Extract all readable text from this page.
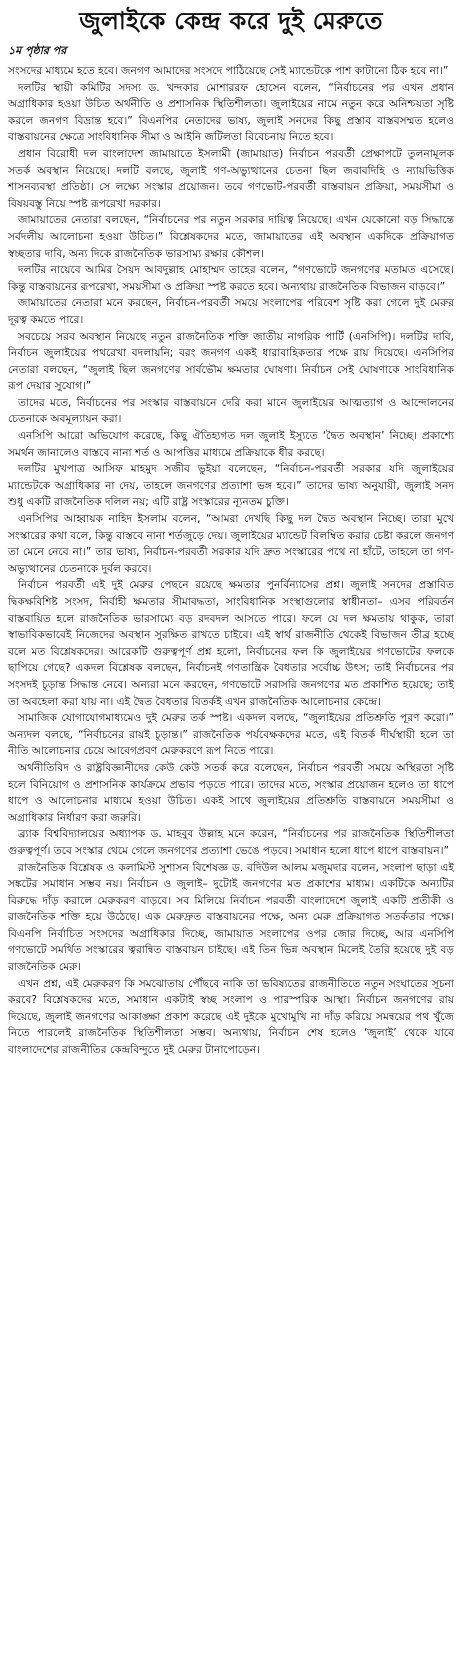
জুলাইকে কেন্দ্র করে দুই মেরুতে
১ম পৃষ্ঠার পর

সংসদের মাধ্যমে হতে হবে। জনগণ আমাদের সংসদে পাঠিয়েছে সেই ম্যান্ডেটকে পাশ কাটানো ঠিক হবে না।”

দলটির স্থায়ী কমিটির সদস্য ড. খন্দকার মোশাররফ হোসেন বলেন, “নির্বাচনের পর এখন প্রধান অগ্রাধিকার হওয়া উচিত অর্থনীতি ও প্রশাসনিক স্থিতিশীলতা। জুলাইয়ের নামে নতুন করে অনিশ্চয়তা সৃষ্টি করলে জনগণ বিভ্রান্ত হবে।” বিএনপির নেতাদের ভাষ্য, জুলাই সনদের কিছু প্রস্তাব বাস্তবসম্মত হলেও বাস্তবায়নের ক্ষেত্রে সাংবিধানিক সীমা ও আইনি জটিলতা বিবেচনায় নিতে হবে।

প্রধান বিরোধী দল বাংলাদেশ জামায়াতে ইসলামী (জামায়াত) নির্বাচন পরবর্তী প্রেক্ষাপটে তুলনামূলক সতর্ক অবস্থান নিয়েছে। দলটি বলছে, জুলাই গণ-অভ্যুত্থানের চেতনা ছিল জবাবদিহি ও ন্যায়ভিত্তিক শাসনব্যবস্থা প্রতিষ্ঠা। সে লক্ষ্যে সংস্কার প্রয়োজন। তবে গণভোট-পরবর্তী বাস্তবায়ন প্রক্রিয়া, সময়সীমা ও বিষয়বস্তু নিয়ে স্পষ্ট রূপরেখা দরকার।

জামায়াতের নেতারা বলছেন, “নির্বাচনের পর নতুন সরকার দায়িত্ব নিয়েছে। এখন যেকোনো বড় সিদ্ধান্তে সর্বদলীয় আলোচনা হওয়া উচিত।” বিশ্লেষকদের মতে, জামায়াতের এই অবস্থান একদিকে প্রক্রিয়াগত স্বচ্ছতার দাবি, অন্য দিকে রাজনৈতিক ভারসাম্য রক্ষার কৌশল।

দলটির নায়েবে আমির সৈয়দ আবদুল্লাহ মোহাম্মদ তাহের বলেন, “গণভোটে জনগণের মতামত এসেছে। কিন্তু বাস্তবায়নের রূপরেখা, সময়সীমা ও প্রক্রিয়া স্পষ্ট করতে হবে। অন্যথায় রাজনৈতিক বিভাজন বাড়বে।”

জামায়াতের নেতারা মনে করছেন, নির্বাচন-পরবর্তী সময়ে সংলাপের পরিবেশ সৃষ্টি করা গেলে দুই মেরুর দূরত্ব কমতে পারে।

সবচেয়ে সরব অবস্থান নিয়েছে নতুন রাজনৈতিক শক্তি জাতীয় নাগরিক পার্টি (এনসিপি)। দলটির দাবি, নির্বাচন জুলাইয়ের পথরেখা বদলায়নি; বরং জনগণ একই ধারাবাহিকতার পক্ষে রায় দিয়েছে। এনসিপির নেতারা বলছেন, “জুলাই ছিল জনগণের সার্বভৌম ক্ষমতার ঘোষণা। নির্বাচন সেই ঘোষণাকে সাংবিধানিক রূপ দেয়ার সুযোগ।”

তাদের মতে, নির্বাচনের পর সংস্কার বাস্তবায়নে দেরি করা মানে জুলাইয়ের আত্মত্যাগ ও আন্দোলনের চেতনাকে অবমূল্যায়ন করা।

এনসিপি আরো অভিযোগ করেছে, কিছু ঐতিহ্যগত দল জুলাই ইস্যুতে ‘দ্বৈত অবস্থান’ নিচ্ছে। প্রকাশ্যে সমর্থন জানালেও বাস্তবে নানা শর্ত ও আপত্তির মাধ্যমে প্রক্রিয়াকে ধীর করছে।

দলটির মুখপাত্র আসিফ মাহমুদ সজীব ভুইয়া বলেছেন, “নির্বাচন-পরবর্তী সরকার যদি জুলাইয়ের ম্যান্ডেটকে অগ্রাধিকার না দেয়, তাহলে জনগণের প্রত্যাশা ভঙ্গ হবে।” তাদের ভাষ্য অনুযায়ী, জুলাই সনদ শুধু একটি রাজনৈতিক দলিল নয়; এটি রাষ্ট্র সংস্কারের ন্যূনতম চুক্তি।

এনসিপির আহ্বায়ক নাহিদ ইসলাম বলেন, “আমরা দেখছি কিছু দল দ্বৈত অবস্থান নিচ্ছে। তারা মুখে সংস্কারের কথা বলে, কিন্তু বাস্তবে নানা শর্তজুড়ে দেয়। জুলাইয়ের ম্যান্ডেট বিলম্বিত করার চেষ্টা করলে জনগণ তা মেনে নেবে না।” তার ভাষ্য, নির্বাচন-পরবর্তী সরকার যদি দ্রুত সংস্কারের পথে না হাঁটে, তাহলে তা গণ-অভ্যুত্থানের চেতনাকে দুর্বল করবে।

নির্বাচন পরবর্তী এই দুই মেরুর পেছনে রয়েছে ক্ষমতার পুনর্বিন্যাসের প্রশ্ন। জুলাই সনদের প্রস্তাবিত দ্বিকক্ষবিশিষ্ট সংসদ, নির্বাহী ক্ষমতার সীমাবদ্ধতা, সাংবিধানিক সংস্থাগুলোর স্বাধীনতা– এসব পরিবর্তন বাস্তবায়িত হলে রাজনৈতিক ভারসাম্যে বড় রদবদল আসতে পারে। ফলে যে দল ক্ষমতায় থাকুক, তারা স্বাভাবিকভাবেই নিজেদের অবস্থান সুরক্ষিত রাখতে চাইবে। এই স্বার্থ রাজনীতি থেকেই বিভাজন তীব্র হচ্ছে বলে মত বিশ্লেষকদের। আরেকটি গুরুত্বপূর্ণ প্রশ্ন হলো, নির্বাচনের ফল কি জুলাইয়ের গণভোটের ফলকে ছাপিয়ে গেছে? একদল বিশ্লেষক বলছেন, নির্বাচনই গণতান্ত্রিক বৈধতার সর্বোচ্চ উৎস; তাই নির্বাচনের পর সংসদই চূড়ান্ত সিদ্ধান্ত নেবে। অন্যরা মনে করছেন, গণভোটে সরাসরি জনগণের মত প্রকাশিত হয়েছে; তাই তা অবহেলা করা যায় না। এই দ্বৈত বৈধতার বিতর্কই এখন রাজনৈতিক আলোচনার কেন্দ্রে।

সামাজিক যোগাযোগমাধ্যমেও দুই মেরুর তর্ক স্পষ্ট। একদল বলছে, “জুলাইয়ের প্রতিশ্রুতি পূরণ করো।” অন্যদল বলছে, “নির্বাচনের রায়ই চূড়ান্ত।” রাজনৈতিক পর্যবেক্ষকদের মতে, এই বিতর্ক দীর্ঘস্থায়ী হলে তা নীতি আলোচনার চেয়ে আবেগপ্রবণ মেরুকরণে রূপ নিতে পারে।

অর্থনীতিবিদ ও রাষ্ট্রবিজ্ঞানীদের কেউ কেউ সতর্ক করে বলেছেন, নির্বাচন পরবর্তী সময়ে অস্থিরতা সৃষ্টি হলে বিনিয়োগ ও প্রশাসনিক কার্যক্রমে প্রভাব পড়তে পারে। তাদের মতে, সংস্কার প্রয়োজন হলেও তা ধাপে ধাপে ও আলোচনার মাধ্যমে হওয়া উচিত। একই সাথে জুলাইয়ের প্রতিশ্রুতি বাস্তবায়নে সময়সীমা ও অগ্রাধিকার নির্ধারণ করা জরুরি।

ব্র্যাক বিশ্ববিদ্যালয়ের অধ্যাপক ড. মাহবুব উল্লাহ মনে করেন, “নির্বাচনের পর রাজনৈতিক স্থিতিশীলতা গুরুত্বপূর্ণ। তবে সংস্কার থেমে গেলে জনগণের প্রত্যাশা ভেঙে পড়বে। সমাধান হলো ধাপে ধাপে বাস্তবায়ন।”

রাজনৈতিক বিশ্লেষক ও কলামিস্ট সুশাসন বিশেষজ্ঞ ড. বদিউল আলম মজুমদার বলেন, সংলাপ ছাড়া এই সঙ্কটের সমাধান সম্ভব নয়। নির্বাচন ও জুলাই– দুটোই জনগণের মত প্রকাশের মাধ্যম। একটিকে অন্যটির বিরুদ্ধে দাঁড় করালে মেরুকরণ বাড়বে। সব মিলিয়ে নির্বাচন পরবর্তী বাংলাদেশে জুলাই একটি প্রতীকী ও রাজনৈতিক শক্তি হয়ে উঠেছে। এক মেরুদ্রুত বাস্তবায়নের পক্ষে, অন্য মেরু প্রক্রিয়াগত সতর্কতার পক্ষে। বিএনপি নির্বাচিত সংসদের অগ্রাধিকার দিচ্ছে, জামায়াত সংলাপের ওপর জোর দিচ্ছে, আর এনসিপি গণভোটে সমর্থিত সংস্কারের ত্বরান্বিত বাস্তবায়ন চাইছে। এই তিন ভিন্ন অবস্থান মিলেই তৈরি হয়েছে দুই বড় রাজনৈতিক মেরু।

এখন প্রশ্ন, এই মেরুকরণ কি সমঝোতায় পৌঁছবে নাকি তা ভবিষ্যতের রাজনীতিতে নতুন সংঘাতের সূচনা করবে? বিশ্লেষকদের মতে, সমাধান একটাই স্বচ্ছ সংলাপ ও পারস্পরিক আস্থা। নির্বাচন জনগণের রায় দিয়েছে, জুলাই জনগণের আকাঙ্ক্ষা প্রকাশ করেছে এই দুইকে মুখোমুখি না দাঁড় করিয়ে সমন্বয়ের পথ খুঁজে নিতে পারলেই রাজনৈতিক স্থিতিশীলতা সম্ভব। অন্যথায়, নির্বাচন শেষ হলেও ‘জুলাই’ থেকে যাবে বাংলাদেশের রাজনীতির কেন্দ্রবিন্দুতে দুই মেরুর টানাপোড়েন।
